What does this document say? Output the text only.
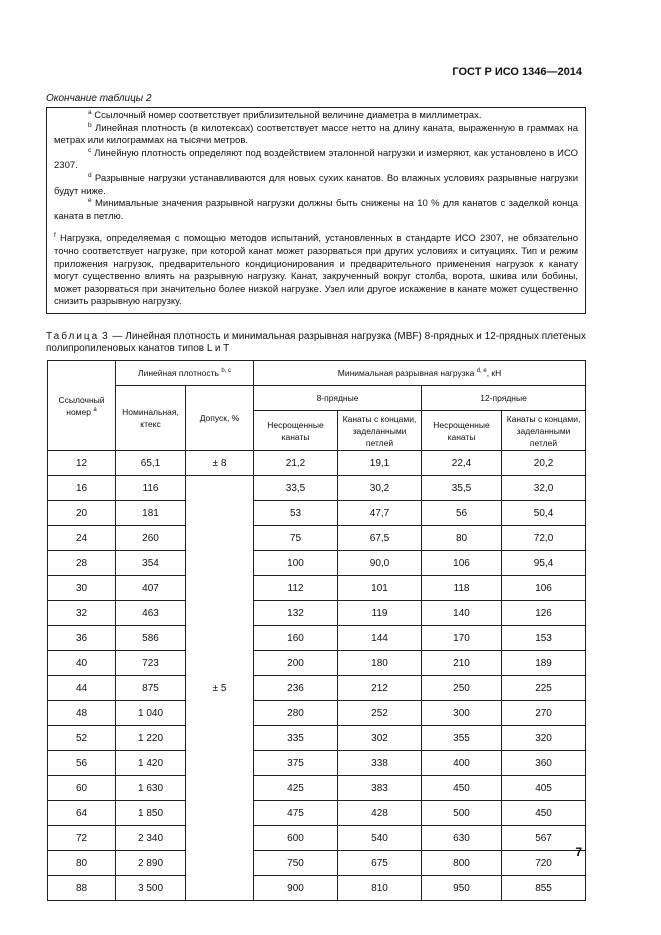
ГОСТ Р ИСО 1346—2014
Окончание таблицы 2

$^a$ Ссылочный номер соответствует приблизительной величине диаметра в миллиметрах.

$^b$ Линейная плотность (в килотексах) соответствует массе нетто на длину каната, выраженную в граммах на метрах или килограммах на тысячи метров.

$^c$ Линейную плотность определяют под воздействием эталонной нагрузки и измеряют, как установлено в ИСО 2307.

$^d$ Разрывные нагрузки устанавливаются для новых сухих канатов. Во влажных условиях разрывные нагрузки будут ниже.

$^e$ Минимальные значения разрывной нагрузки должны быть снижены на 10 % для канатов с заделкой конца каната в петлю.

$^f$ Нагрузка, определяемая с помощью методов испытаний, установленных в стандарте ИСО 2307, не обязательно точно соответствует нагрузке, при которой канат может разорваться при других условиях и ситуациях. Тип и режим приложения нагрузок, предварительного кондиционирования и предварительного применения нагрузок к канату могут существенно влиять на разрывную нагрузку. Канат, закрученный вокруг столба, ворота, шкива или бобины, может разорваться при значительно более низкой нагрузке. Узел или другое искажение в канате может существенно снизить разрывную нагрузку.

Таблица 3 — Линейная плотность и минимальная разрывная нагрузка (MBF) 8-прядных и 12-прядных плетеных полипропиленовых канатов типов L и T
Ссылочный номер $^a$	Линейная плотность $^{b, c}$		Минимальная разрывная нагрузка $^{d, e}$, кН			
	Номинальная, ктекс	Допуск, %	8-прядные		12-прядные	
			Несрощенные канаты	Канаты с концами, заделанными петлей	Несрощенные канаты	Канаты с концами, заделанными петлей
12	65,1	± 8	21,2	19,1	22,4	20,2
16	116	± 5	33,5	30,2	35,5	32,0
20	181		53	47,7	56	50,4
24	260		75	67,5	80	72,0
28	354		100	90,0	106	95,4
30	407		112	101	118	106
32	463		132	119	140	126
36	586		160	144	170	153
40	723		200	180	210	189
44	875		236	212	250	225
48	1 040		280	252	300	270
52	1 220		335	302	355	320
56	1 420		375	338	400	360
60	1 630		425	383	450	405
64	1 850		475	428	500	450
72	2 340		600	540	630	567
80	2 890		750	675	800	720
88	3 500		900	810	950	855
7
